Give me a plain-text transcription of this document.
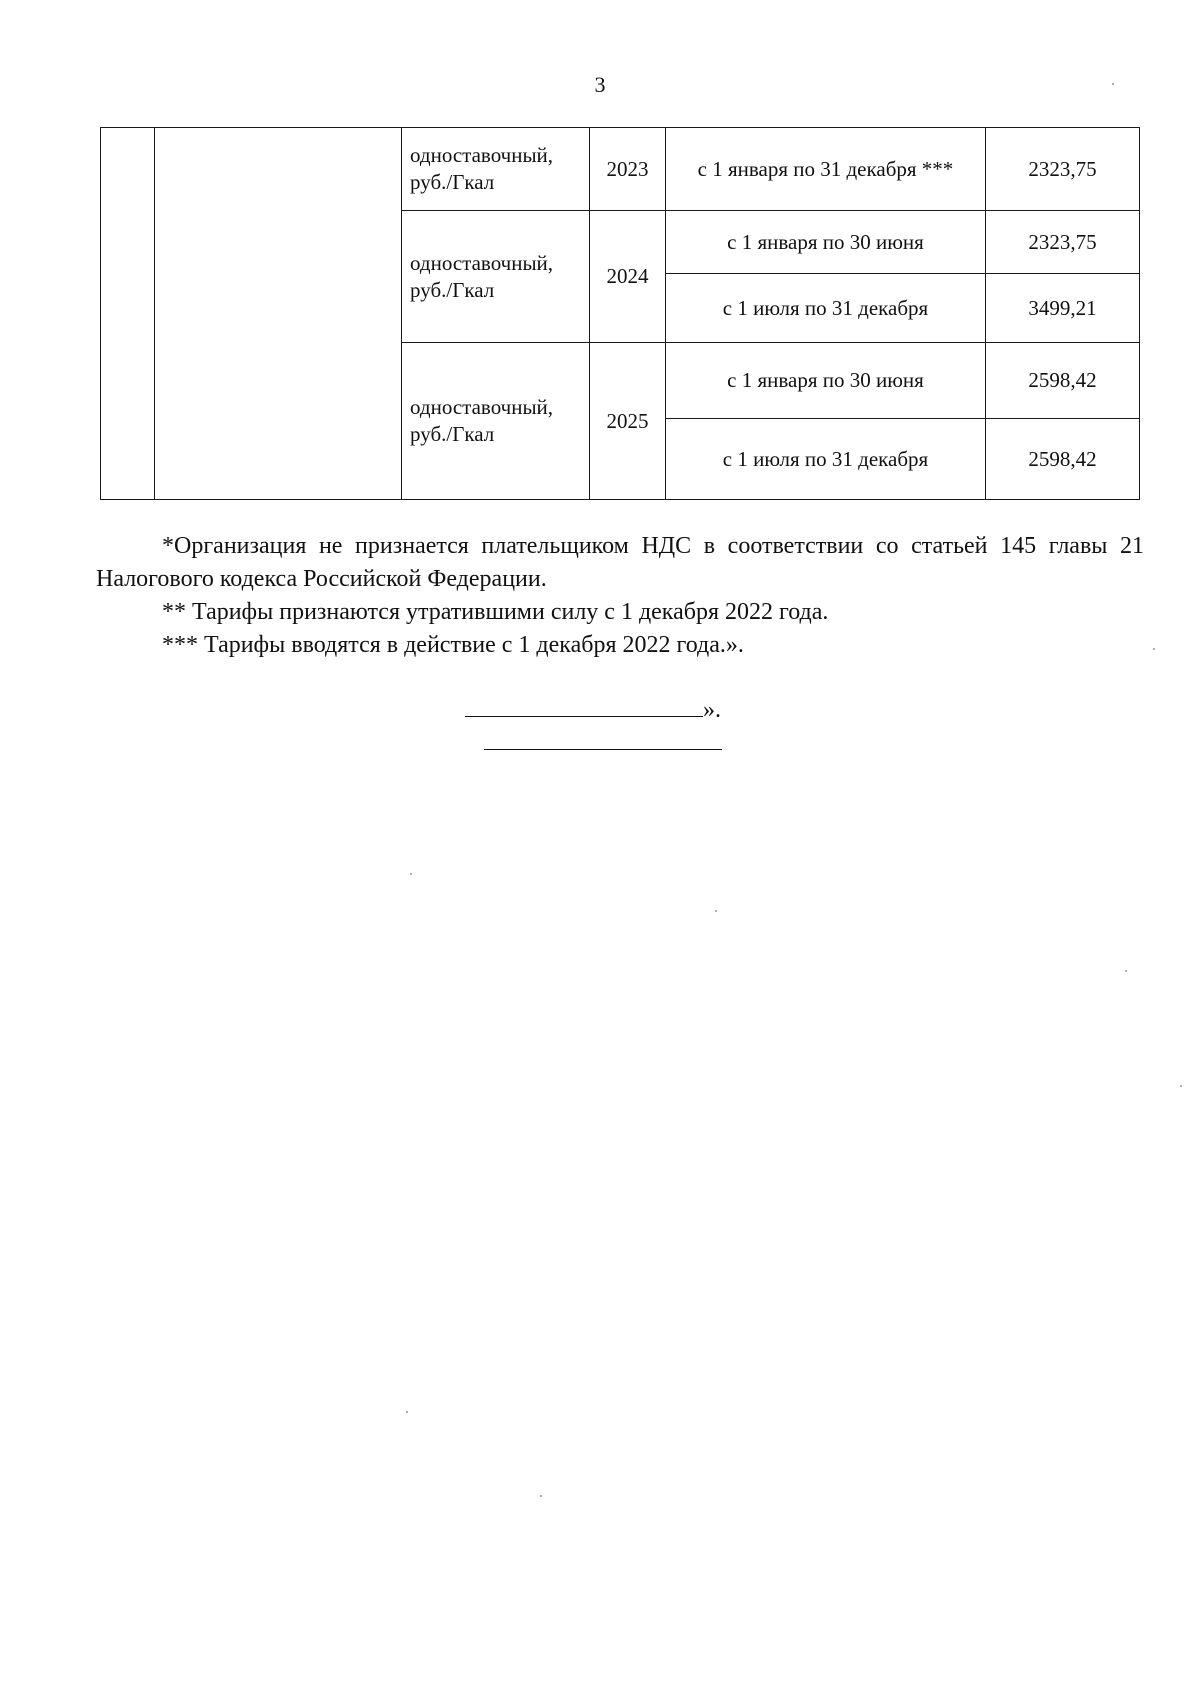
3
		одноставочный,
руб./Гкал	2023	с 1 января по 31 декабря ***	2323,75
		одноставочный,
руб./Гкал	2024	с 1 января по 30 июня	2323,75
				с 1 июля по 31 декабря	3499,21
		одноставочный,
руб./Гкал	2025	с 1 января по 30 июня	2598,42
				с 1 июля по 31 декабря	2598,42

*Организация не признается плательщиком НДС в соответствии со статьей 145 главы 21 Налогового кодекса Российской Федерации.

** Тарифы признаются утратившими силу с 1 декабря 2022 года.

*** Тарифы вводятся в действие с 1 декабря 2022 года.».

».
